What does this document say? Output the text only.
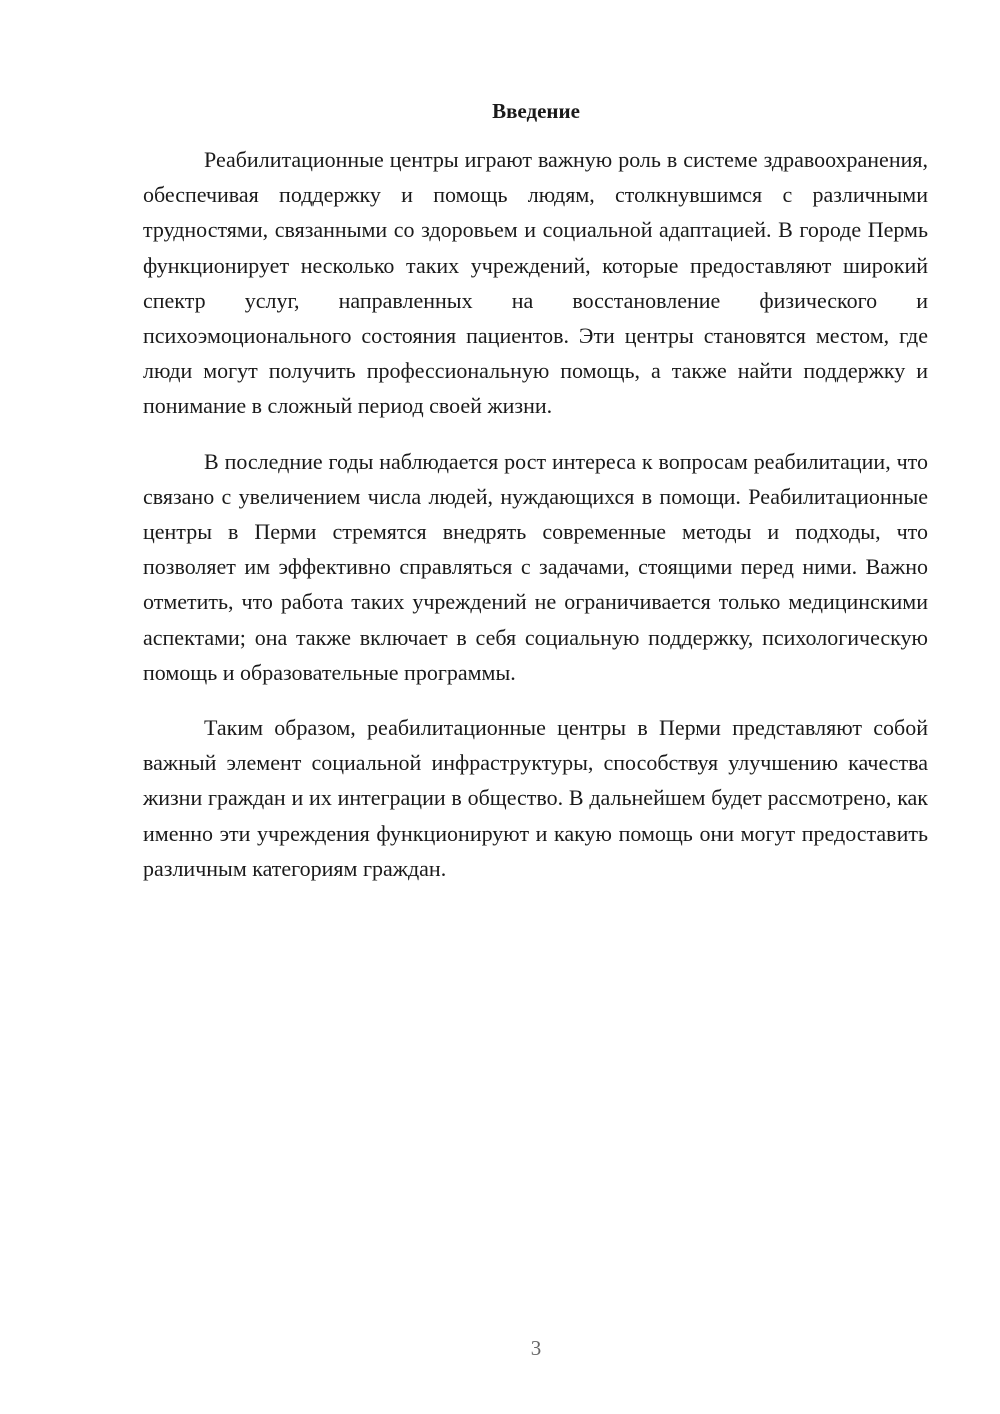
Введение

Реабилитационные центры играют важную роль в системе здравоохранения, обеспечивая поддержку и помощь людям, столкнувшимся с различными трудностями, связанными со здоровьем и социальной адаптацией. В городе Пермь функционирует несколько таких учреждений, которые предоставляют широкий спектр услуг, направленных на восстановление физического и психоэмоционального состояния пациентов. Эти центры становятся местом, где люди могут получить профессиональную помощь, а также найти поддержку и понимание в сложный период своей жизни.

В последние годы наблюдается рост интереса к вопросам реабилитации, что связано с увеличением числа людей, нуждающихся в помощи. Реабилитационные центры в Перми стремятся внедрять современные методы и подходы, что позволяет им эффективно справляться с задачами, стоящими перед ними. Важно отметить, что работа таких учреждений не ограничивается только медицинскими аспектами; она также включает в себя социальную поддержку, психологическую помощь и образовательные программы.

Таким образом, реабилитационные центры в Перми представляют собой важный элемент социальной инфраструктуры, способствуя улучшению качества жизни граждан и их интеграции в общество. В дальнейшем будет рассмотрено, как именно эти учреждения функционируют и какую помощь они могут предоставить различным категориям граждан.

3
